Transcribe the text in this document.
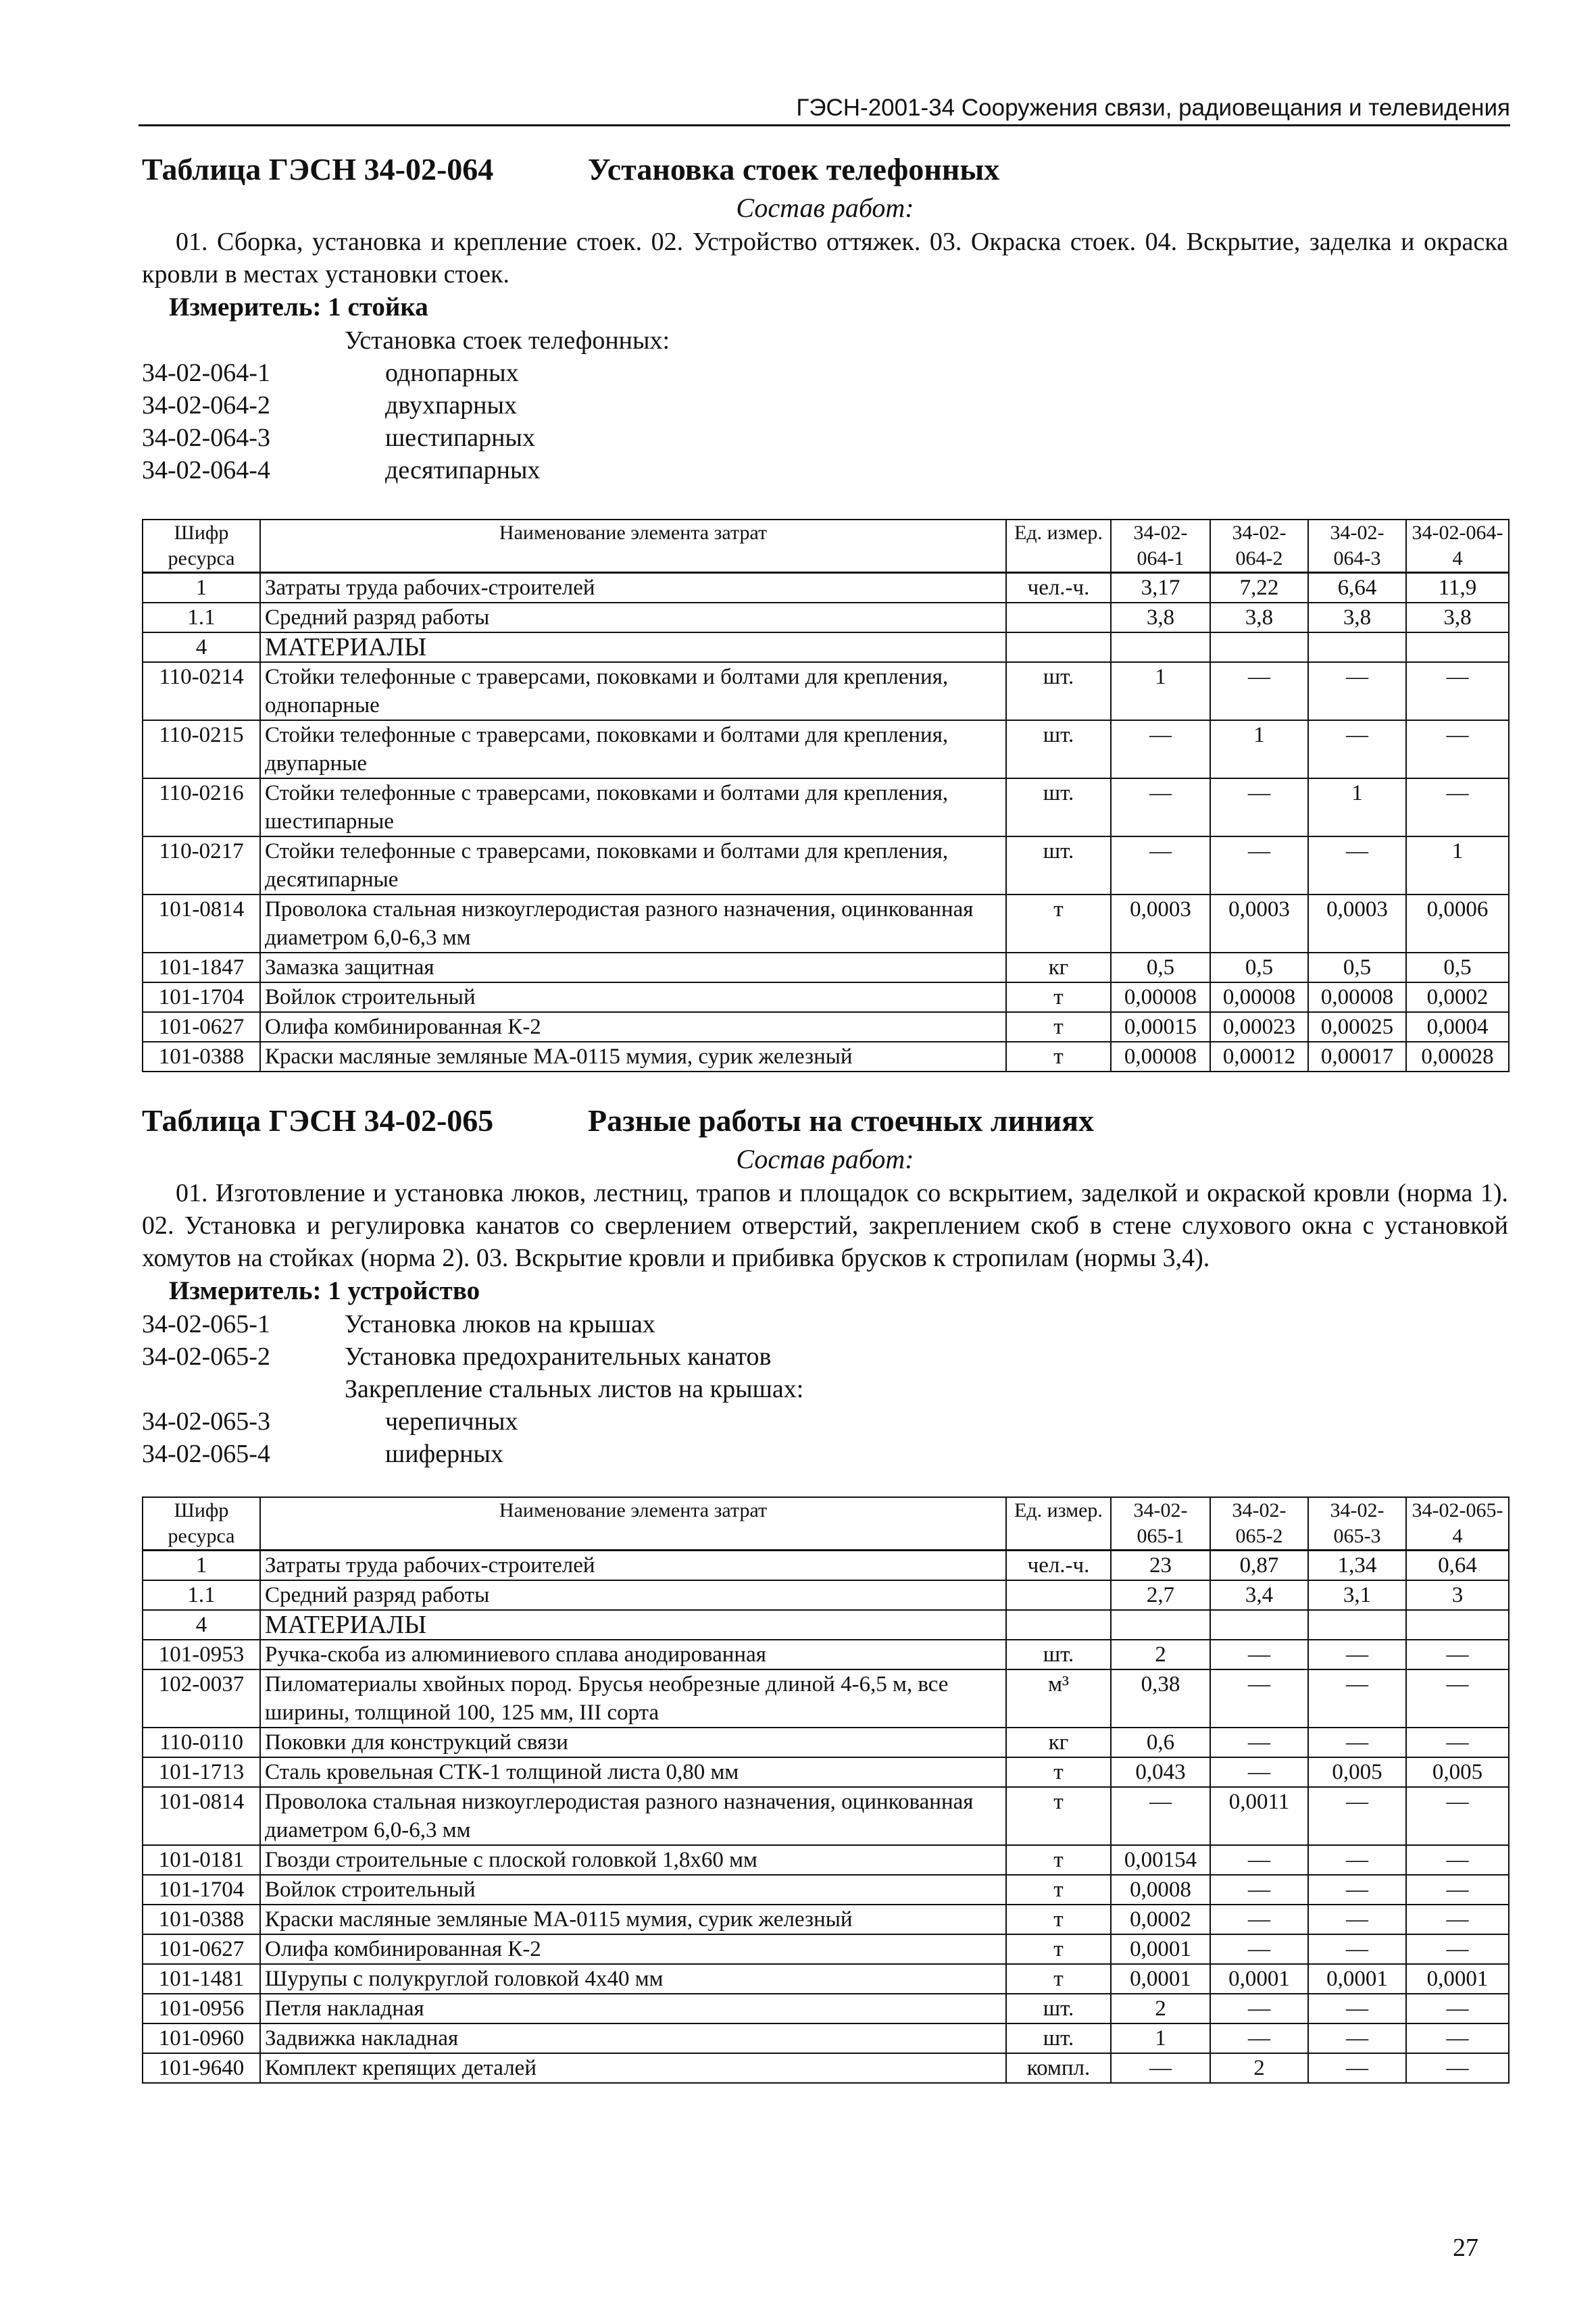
ГЭСН-2001-34 Сооружения связи, радиовещания и телевидения
Таблица ГЭСН 34-02-064	Установка стоек телефонных
Состав работ:

01. Сборка, установка и крепление стоек. 02. Устройство оттяжек. 03. Окраска стоек. 04. Вскрытие, заделка и окраска кровли в местах установки стоек.

Измеритель: 1 стойка
Установка стоек телефонных:
34-02-064-1	однопарных
34-02-064-2	двухпарных
34-02-064-3	шестипарных
34-02-064-4	десятипарных
Шифр ресурса	Наименование элемента затрат	Ед. измер.	34-02-064-1	34-02-064-2	34-02-064-3	34-02-064-4
1	Затраты труда рабочих-строителей	чел.-ч.	3,17	7,22	6,64	11,9
1.1	Средний разряд работы		3,8	3,8	3,8	3,8
4	МАТЕРИАЛЫ					
110-0214	Стойки телефонные с траверсами, поковками и болтами для крепления, однопарные	шт.	1	—	—	—
110-0215	Стойки телефонные с траверсами, поковками и болтами для крепления, двупарные	шт.	—	1	—	—
110-0216	Стойки телефонные с траверсами, поковками и болтами для крепления, шестипарные	шт.	—	—	1	—
110-0217	Стойки телефонные с траверсами, поковками и болтами для крепления, десятипарные	шт.	—	—	—	1
101-0814	Проволока стальная низкоуглеродистая разного назначения, оцинкованная диаметром 6,0-6,3 мм	т	0,0003	0,0003	0,0003	0,0006
101-1847	Замазка защитная	кг	0,5	0,5	0,5	0,5
101-1704	Войлок строительный	т	0,00008	0,00008	0,00008	0,0002
101-0627	Олифа комбинированная К-2	т	0,00015	0,00023	0,00025	0,0004
101-0388	Краски масляные земляные МА-0115 мумия, сурик железный	т	0,00008	0,00012	0,00017	0,00028
Таблица ГЭСН 34-02-065	Разные работы на стоечных линиях
Состав работ:

01. Изготовление и установка люков, лестниц, трапов и площадок со вскрытием, заделкой и окраской кровли (норма 1). 02. Установка и регулировка канатов со сверлением отверстий, закреплением скоб в стене слухового окна с установкой хомутов на стойках (норма 2). 03. Вскрытие кровли и прибивка брусков к стропилам (нормы 3,4).

Измеритель: 1 устройство
34-02-065-1	Установка люков на крышах
34-02-065-2	Установка предохранительных канатов
Закрепление стальных листов на крышах:
34-02-065-3	черепичных
34-02-065-4	шиферных
Шифр ресурса	Наименование элемента затрат	Ед. измер.	34-02-065-1	34-02-065-2	34-02-065-3	34-02-065-4
1	Затраты труда рабочих-строителей	чел.-ч.	23	0,87	1,34	0,64
1.1	Средний разряд работы		2,7	3,4	3,1	3
4	МАТЕРИАЛЫ					
101-0953	Ручка-скоба из алюминиевого сплава анодированная	шт.	2	—	—	—
102-0037	Пиломатериалы хвойных пород. Брусья необрезные длиной 4-6,5 м, все ширины, толщиной 100, 125 мм, III сорта	м³	0,38	—	—	—
110-0110	Поковки для конструкций связи	кг	0,6	—	—	—
101-1713	Сталь кровельная СТК-1 толщиной листа 0,80 мм	т	0,043	—	0,005	0,005
101-0814	Проволока стальная низкоуглеродистая разного назначения, оцинкованная диаметром 6,0-6,3 мм	т	—	0,0011	—	—
101-0181	Гвозди строительные с плоской головкой 1,8х60 мм	т	0,00154	—	—	—
101-1704	Войлок строительный	т	0,0008	—	—	—
101-0388	Краски масляные земляные МА-0115 мумия, сурик железный	т	0,0002	—	—	—
101-0627	Олифа комбинированная К-2	т	0,0001	—	—	—
101-1481	Шурупы с полукруглой головкой 4х40 мм	т	0,0001	0,0001	0,0001	0,0001
101-0956	Петля накладная	шт.	2	—	—	—
101-0960	Задвижка накладная	шт.	1	—	—	—
101-9640	Комплект крепящих деталей	компл.	—	2	—	—
27
